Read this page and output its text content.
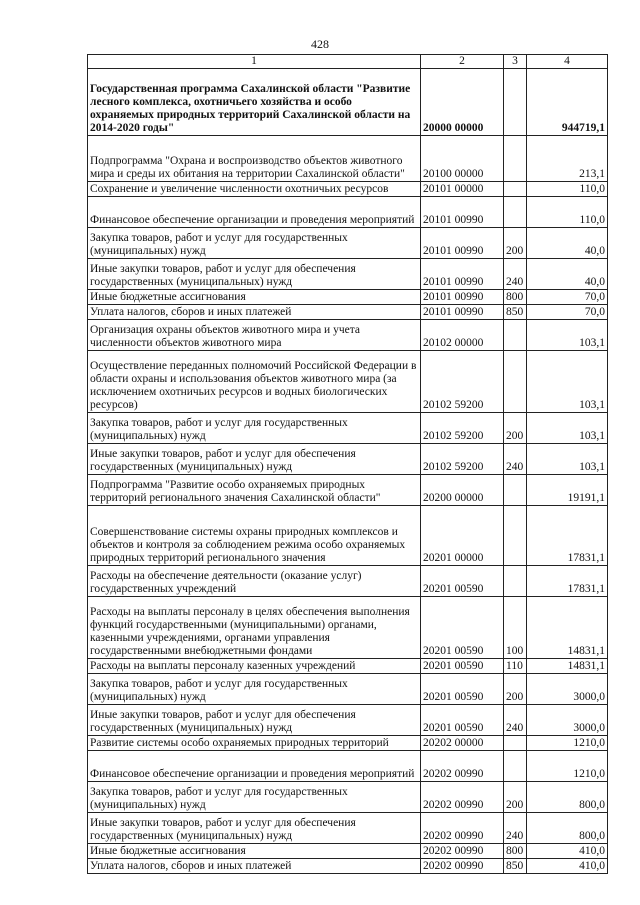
428
1	2	3	4
Государственная программа Сахалинской области "Развитие лесного комплекса, охотничьего хозяйства и особо охраняемых природных территорий Сахалинской области на 2014-2020 годы"	20000 00000		944719,1
Подпрограмма "Охрана и воспроизводство объектов животного мира и среды их обитания на территории Сахалинской области"	20100 00000		213,1
Сохранение и увеличение численности охотничьих ресурсов	20101 00000		110,0
Финансовое обеспечение организации и проведения мероприятий	20101 00990		110,0
Закупка товаров, работ и услуг для государственных (муниципальных) нужд	20101 00990	200	40,0
Иные закупки товаров, работ и услуг для обеспечения государственных (муниципальных) нужд	20101 00990	240	40,0
Иные бюджетные ассигнования	20101 00990	800	70,0
Уплата налогов, сборов и иных платежей	20101 00990	850	70,0
Организация охраны объектов животного мира и учета численности объектов животного мира	20102 00000		103,1
Осуществление переданных полномочий Российской Федерации в области охраны и использования объектов животного мира (за исключением охотничьих ресурсов и водных биологических ресурсов)	20102 59200		103,1
Закупка товаров, работ и услуг для государственных (муниципальных) нужд	20102 59200	200	103,1
Иные закупки товаров, работ и услуг для обеспечения государственных (муниципальных) нужд	20102 59200	240	103,1
Подпрограмма "Развитие особо охраняемых природных территорий регионального значения Сахалинской области"	20200 00000		19191,1
Совершенствование системы охраны природных комплексов и объектов и контроля за соблюдением режима особо охраняемых природных территорий регионального значения	20201 00000		17831,1
Расходы на обеспечение деятельности (оказание услуг) государственных учреждений	20201 00590		17831,1
Расходы на выплаты персоналу в целях обеспечения выполнения функций государственными (муниципальными) органами, казенными учреждениями, органами управления государственными внебюджетными фондами	20201 00590	100	14831,1
Расходы на выплаты персоналу казенных учреждений	20201 00590	110	14831,1
Закупка товаров, работ и услуг для государственных (муниципальных) нужд	20201 00590	200	3000,0
Иные закупки товаров, работ и услуг для обеспечения государственных (муниципальных) нужд	20201 00590	240	3000,0
Развитие системы особо охраняемых природных территорий	20202 00000		1210,0
Финансовое обеспечение организации и проведения мероприятий	20202 00990		1210,0
Закупка товаров, работ и услуг для государственных (муниципальных) нужд	20202 00990	200	800,0
Иные закупки товаров, работ и услуг для обеспечения государственных (муниципальных) нужд	20202 00990	240	800,0
Иные бюджетные ассигнования	20202 00990	800	410,0
Уплата налогов, сборов и иных платежей	20202 00990	850	410,0
